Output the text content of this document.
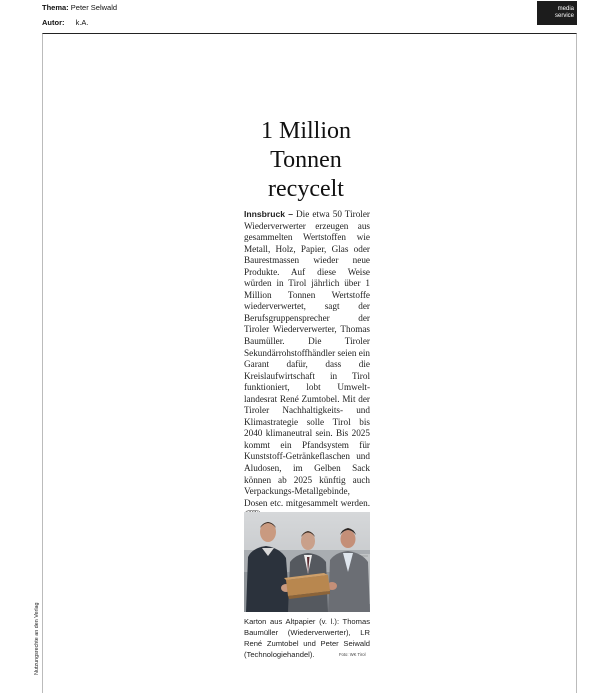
Thema: Peter Selwald
Autor: k.A.
media
service
1 Million
Tonnen
recycelt
Innsbruck – Die etwa 50 Tiroler Wiederverwerter erzeugen aus gesammelten Wertstoffen wie Metall, Holz, Papier, Glas oder Baurestmassen wieder neue Produkte. Auf diese Weise würden in Tirol jährlich über 1 Million Tonnen Wertstoffe wiederverwertet, sagt der Berufsgruppensprecher der Tiroler Wiederverwerter, Thomas Baumüller. Die Tiroler Sekundärrohstoffhändler seien ein Garant dafür, dass die Kreislaufwirtschaft in Tirol funktioniert, lobt Umweltlandesrat René Zumtobel. Mit der Tiroler Nachhaltigkeits- und Klimastrategie solle Tirol bis 2040 klimaneutral sein. Bis 2025 kommt ein Pfandsystem für Kunststoff-Getränkeflaschen und Aludosen, im Gelben Sack können ab 2025 künftig auch Verpackungs-Metallgebinde, Dosen etc. mitgesammelt werden.
Karton aus Altpapier (v. l.): Thomas Baumüller (Wiederverwerter), LR René Zumtobel und Peter Seiwald (Technologiehandel).	Foto: WK Tirol
Nutzungsrechte an den Verlag
